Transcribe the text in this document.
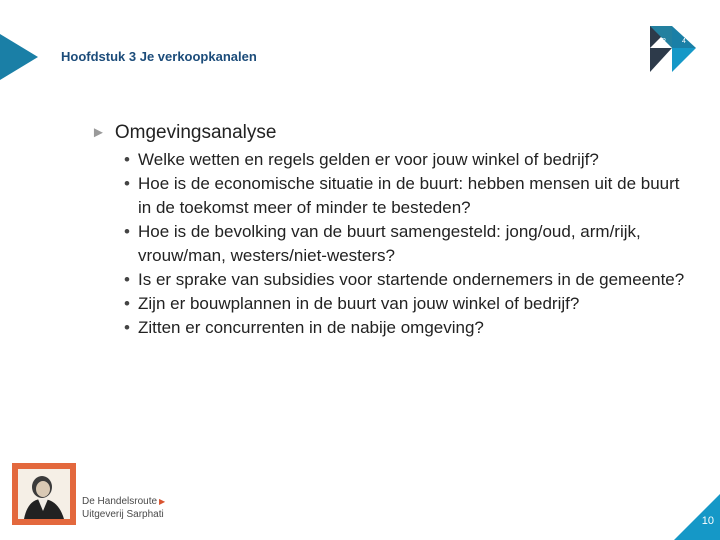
Hoofdstuk 3 Je verkoopkanalen
R 4
► Omgevingsanalyse
• Welke wetten en regels gelden er voor jouw winkel of bedrijf?
• Hoe is de economische situatie in de buurt: hebben mensen uit de buurt in de toekomst meer of minder te besteden?
• Hoe is de bevolking van de buurt samengesteld: jong/oud, arm/rijk, vrouw/man, westers/niet-westers?
• Is er sprake van subsidies voor startende ondernemers in de gemeente?
• Zijn er bouwplannen in de buurt van jouw winkel of bedrijf?
• Zitten er concurrenten in de nabije omgeving?
De Handelsroute ▶
Uitgeverij Sarphati
10
